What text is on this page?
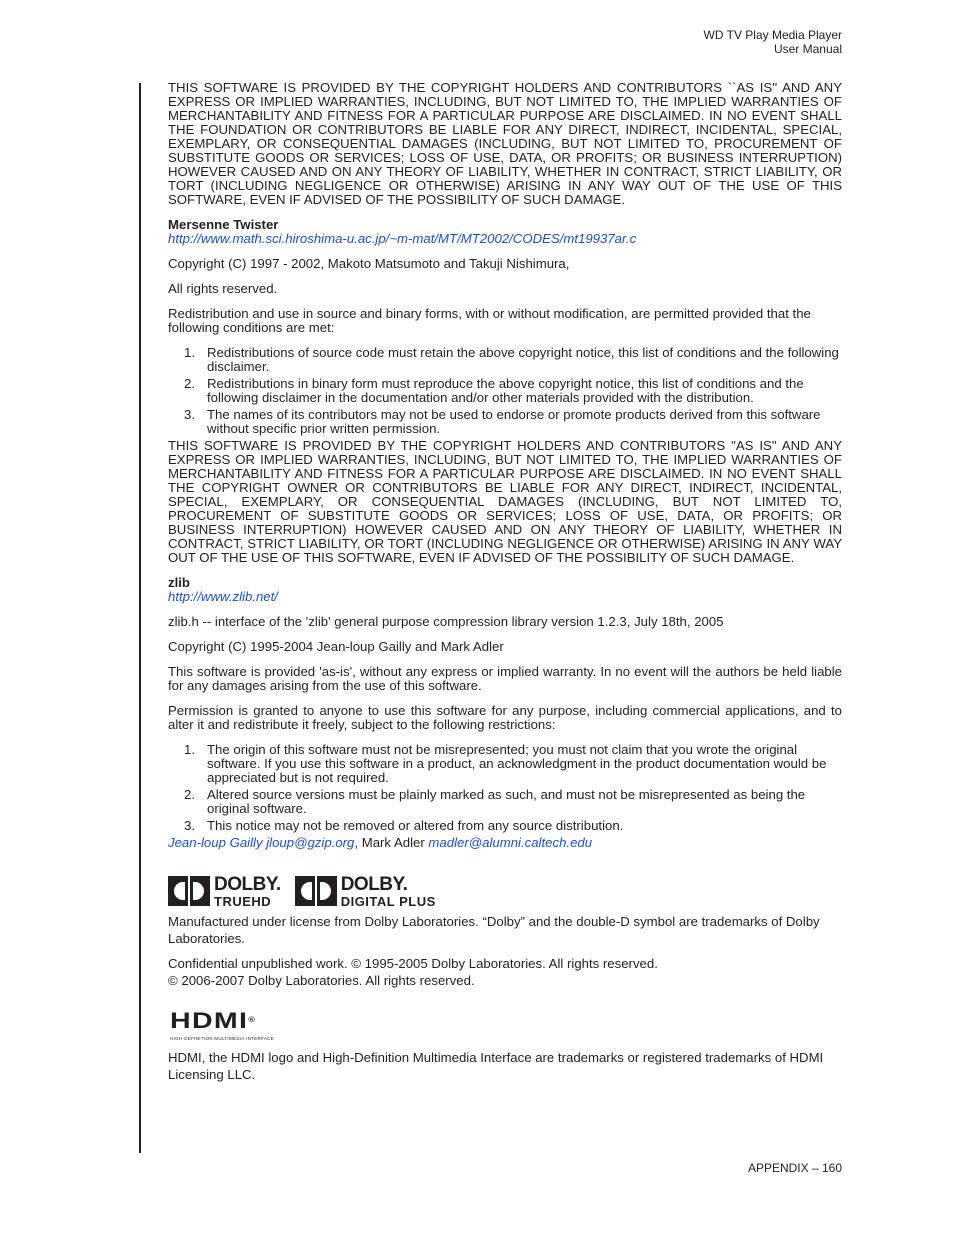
WD TV Play Media Player
User Manual

THIS SOFTWARE IS PROVIDED BY THE COPYRIGHT HOLDERS AND CONTRIBUTORS ``AS IS'' AND ANY EXPRESS OR IMPLIED WARRANTIES, INCLUDING, BUT NOT LIMITED TO, THE IMPLIED WARRANTIES OF MERCHANTABILITY AND FITNESS FOR A PARTICULAR PURPOSE ARE DISCLAIMED. IN NO EVENT SHALL THE FOUNDATION OR CONTRIBUTORS BE LIABLE FOR ANY DIRECT, INDIRECT, INCIDENTAL, SPECIAL, EXEMPLARY, OR CONSEQUENTIAL DAMAGES (INCLUDING, BUT NOT LIMITED TO, PROCUREMENT OF SUBSTITUTE GOODS OR SERVICES; LOSS OF USE, DATA, OR PROFITS; OR BUSINESS INTERRUPTION) HOWEVER CAUSED AND ON ANY THEORY OF LIABILITY, WHETHER IN CONTRACT, STRICT LIABILITY, OR TORT (INCLUDING NEGLIGENCE OR OTHERWISE) ARISING IN ANY WAY OUT OF THE USE OF THIS SOFTWARE, EVEN IF ADVISED OF THE POSSIBILITY OF SUCH DAMAGE.

Mersenne Twister
http://www.math.sci.hiroshima-u.ac.jp/~m-mat/MT/MT2002/CODES/mt19937ar.c

Copyright (C) 1997 - 2002, Makoto Matsumoto and Takuji Nishimura,

All rights reserved.

Redistribution and use in source and binary forms, with or without modification, are permitted provided that the following conditions are met:

1. Redistributions of source code must retain the above copyright notice, this list of conditions and the following disclaimer.
2. Redistributions in binary form must reproduce the above copyright notice, this list of conditions and the following disclaimer in the documentation and/or other materials provided with the distribution.
3. The names of its contributors may not be used to endorse or promote products derived from this software without specific prior written permission.

THIS SOFTWARE IS PROVIDED BY THE COPYRIGHT HOLDERS AND CONTRIBUTORS "AS IS" AND ANY EXPRESS OR IMPLIED WARRANTIES, INCLUDING, BUT NOT LIMITED TO, THE IMPLIED WARRANTIES OF MERCHANTABILITY AND FITNESS FOR A PARTICULAR PURPOSE ARE DISCLAIMED. IN NO EVENT SHALL THE COPYRIGHT OWNER OR CONTRIBUTORS BE LIABLE FOR ANY DIRECT, INDIRECT, INCIDENTAL, SPECIAL, EXEMPLARY, OR CONSEQUENTIAL DAMAGES (INCLUDING, BUT NOT LIMITED TO, PROCUREMENT OF SUBSTITUTE GOODS OR SERVICES; LOSS OF USE, DATA, OR PROFITS; OR BUSINESS INTERRUPTION) HOWEVER CAUSED AND ON ANY THEORY OF LIABILITY, WHETHER IN CONTRACT, STRICT LIABILITY, OR TORT (INCLUDING NEGLIGENCE OR OTHERWISE) ARISING IN ANY WAY OUT OF THE USE OF THIS SOFTWARE, EVEN IF ADVISED OF THE POSSIBILITY OF SUCH DAMAGE.

zlib
http://www.zlib.net/

zlib.h -- interface of the 'zlib' general purpose compression library version 1.2.3, July 18th, 2005

Copyright (C) 1995-2004 Jean-loup Gailly and Mark Adler

This software is provided 'as-is', without any express or implied warranty. In no event will the authors be held liable for any damages arising from the use of this software.

Permission is granted to anyone to use this software for any purpose, including commercial applications, and to alter it and redistribute it freely, subject to the following restrictions:

1. The origin of this software must not be misrepresented; you must not claim that you wrote the original software. If you use this software in a product, an acknowledgment in the product documentation would be appreciated but is not required.
2. Altered source versions must be plainly marked as such, and must not be misrepresented as being the original software.
3. This notice may not be removed or altered from any source distribution.
Jean-loup Gailly jloup@gzip.org, Mark Adler madler@alumni.caltech.edu
DOLBY.
TRUEHD
DOLBY.
DIGITAL PLUS

Manufactured under license from Dolby Laboratories. “Dolby” and the double-D symbol are trademarks of Dolby Laboratories.

Confidential unpublished work. © 1995-2005 Dolby Laboratories. All rights reserved.
© 2006-2007 Dolby Laboratories. All rights reserved.
HDMI®
HIGH-DEFINITION MULTIMEDIA INTERFACE

HDMI, the HDMI logo and High-Definition Multimedia Interface are trademarks or registered trademarks of HDMI Licensing LLC.

APPENDIX – 160
